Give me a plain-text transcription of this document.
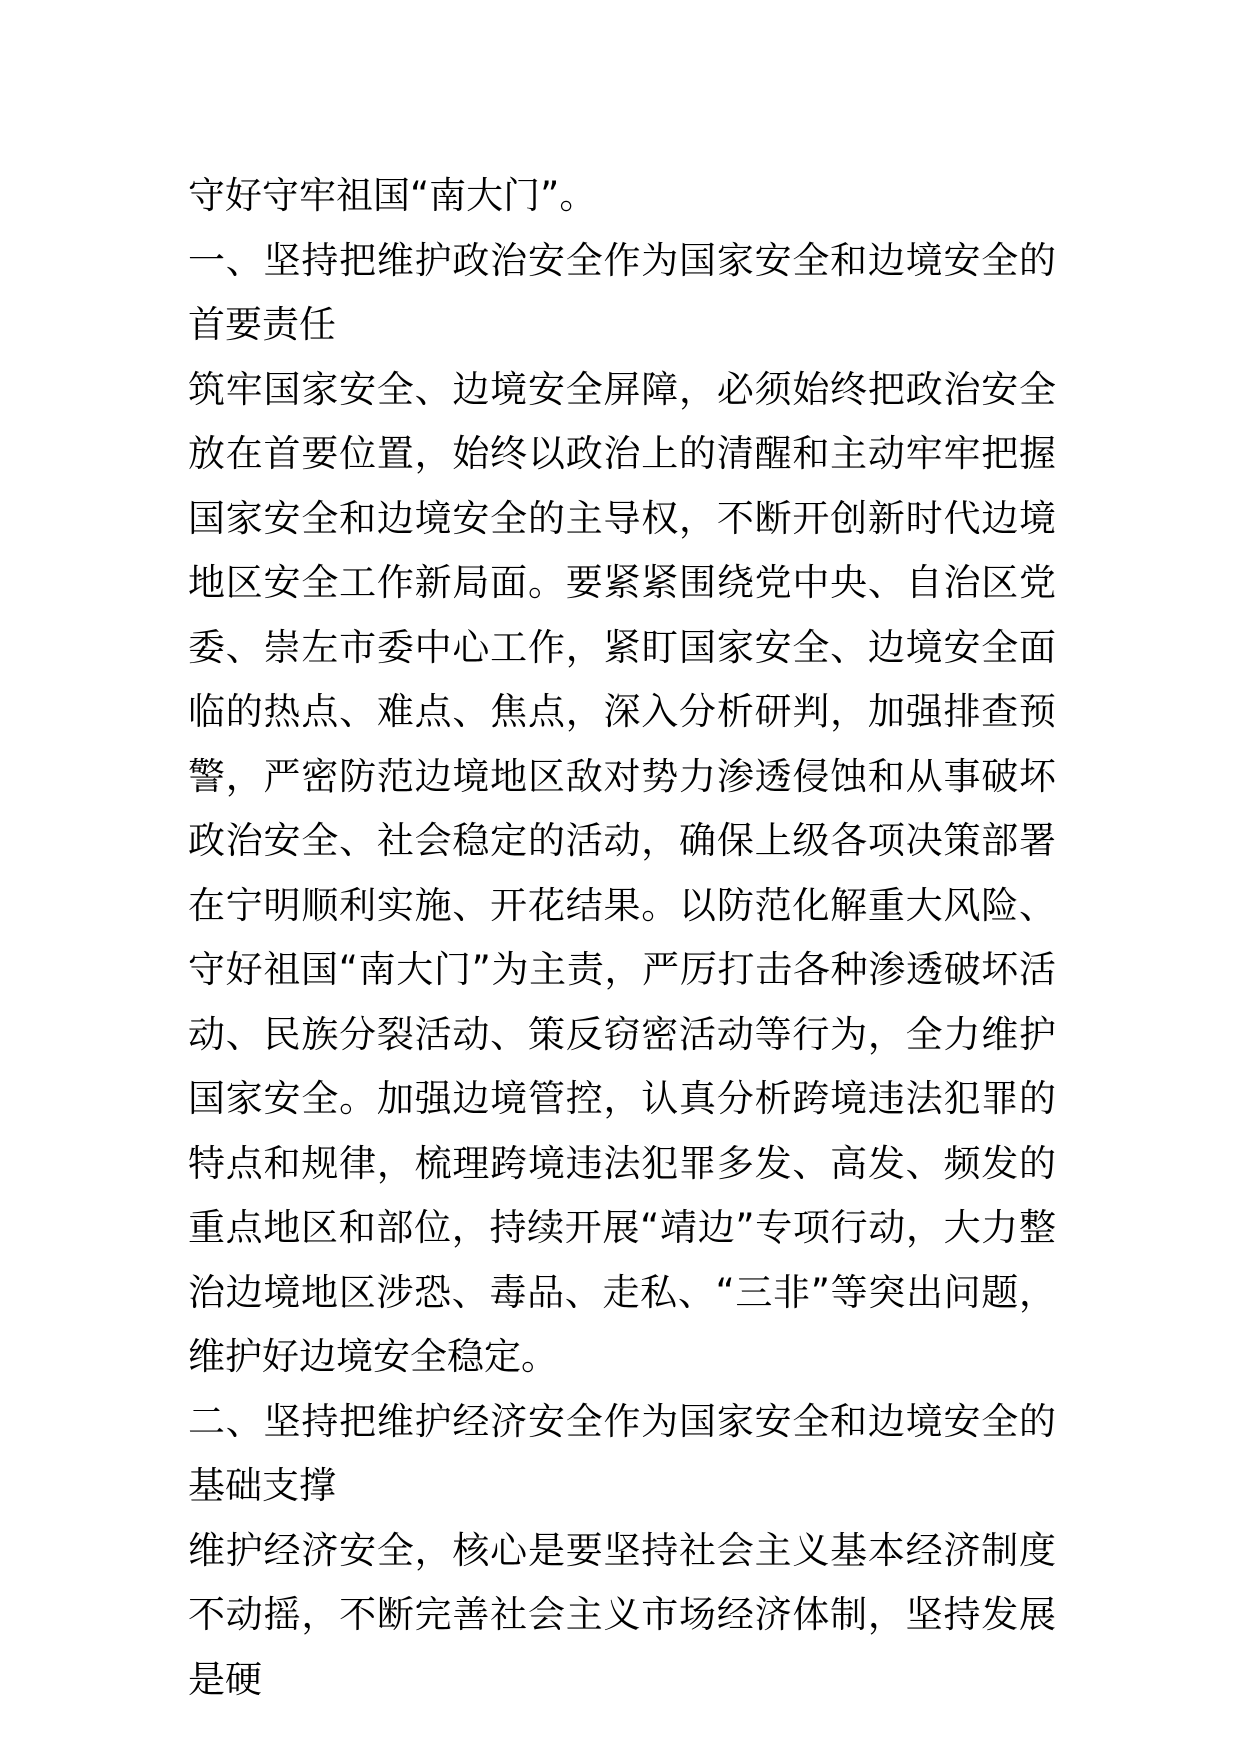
守好守牢祖国“南大门”。

一、坚持把维护政治安全作为国家安全和边境安全的首要责任

筑牢国家安全、边境安全屏障，必须始终把政治安全放在首要位置，始终以政治上的清醒和主动牢牢把握国家安全和边境安全的主导权，不断开创新时代边境地区安全工作新局面。要紧紧围绕党中央、自治区党委、崇左市委中心工作，紧盯国家安全、边境安全面临的热点、难点、焦点，深入分析研判，加强排查预警，严密防范边境地区敌对势力渗透侵蚀和从事破坏政治安全、社会稳定的活动，确保上级各项决策部署在宁明顺利实施、开花结果。以防范化解重大风险、守好祖国“南大门”为主责，严厉打击各种渗透破坏活动、民族分裂活动、策反窃密活动等行为，全力维护国家安全。加强边境管控，认真分析跨境违法犯罪的特点和规律，梳理跨境违法犯罪多发、高发、频发的重点地区和部位，持续开展“靖边”专项行动，大力整治边境地区涉恐、毒品、走私、“三非”等突出问题，维护好边境安全稳定。

二、坚持把维护经济安全作为国家安全和边境安全的基础支撑

维护经济安全，核心是要坚持社会主义基本经济制度不动摇，不断完善社会主义市场经济体制，坚持发展是硬
